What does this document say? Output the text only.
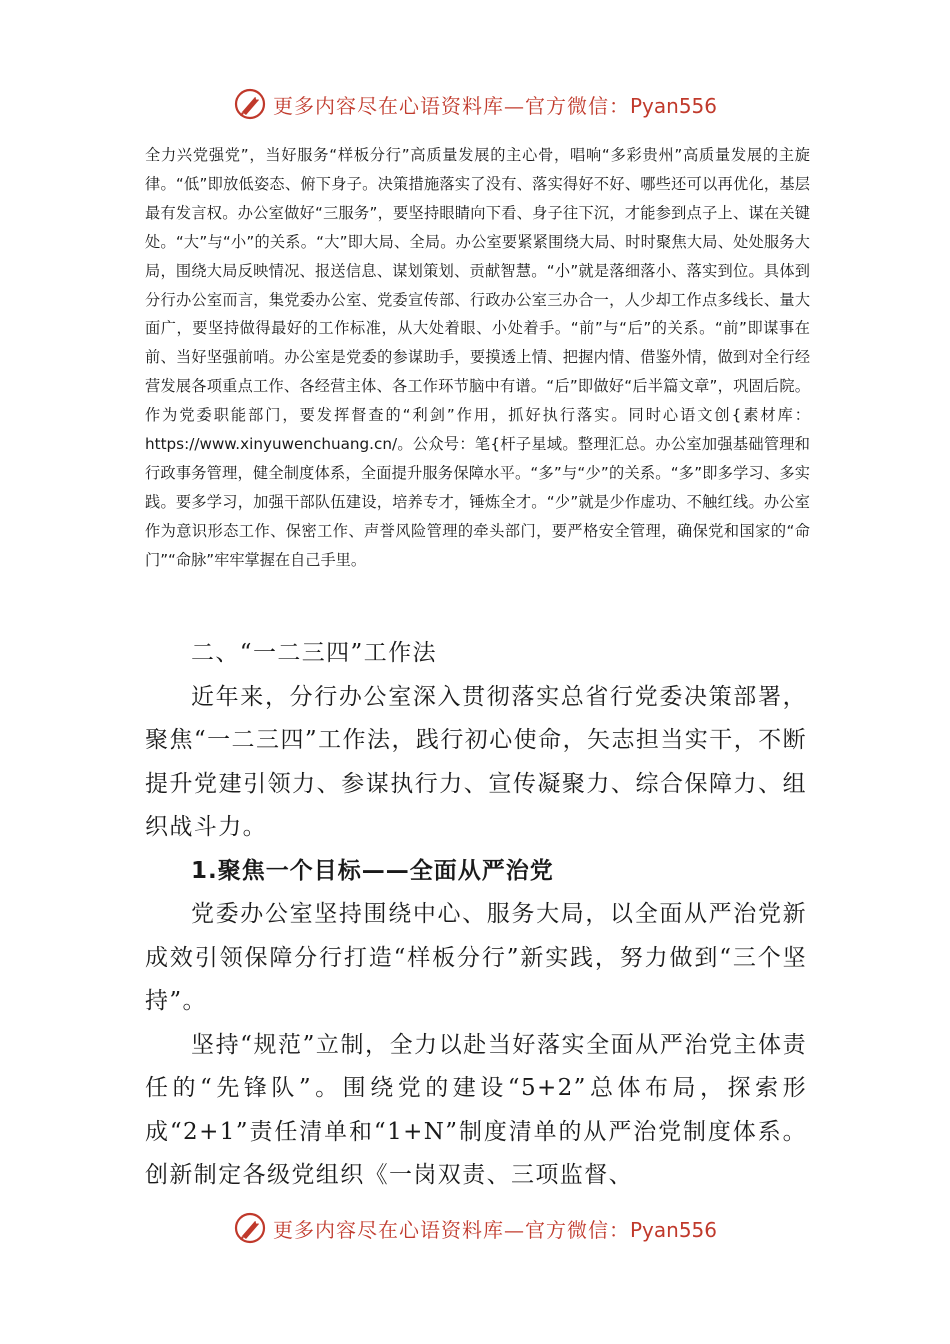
更多内容尽在心语资料库—官方微信：Pyan556
全力兴党强党”，当好服务“样板分行”高质量发展的主心骨，唱响“多彩贵州”高质量发展的主旋律。“低”即放低姿态、俯下身子。决策措施落实了没有、落实得好不好、哪些还可以再优化，基层最有发言权。办公室做好“三服务”，要坚持眼睛向下看、身子往下沉，才能参到点子上、谋在关键处。“大”与“小”的关系。“大”即大局、全局。办公室要紧紧围绕大局、时时聚焦大局、处处服务大局，围绕大局反映情况、报送信息、谋划策划、贡献智慧。“小”就是落细落小、落实到位。具体到分行办公室而言，集党委办公室、党委宣传部、行政办公室三办合一，人少却工作点多线长、量大面广，要坚持做得最好的工作标准，从大处着眼、小处着手。“前”与“后”的关系。“前”即谋事在前、当好坚强前哨。办公室是党委的参谋助手，要摸透上情、把握内情、借鉴外情，做到对全行经营发展各项重点工作、各经营主体、各工作环节脑中有谱。“后”即做好“后半篇文章”，巩固后院。作为党委职能部门，要发挥督查的“利剑”作用，抓好执行落实。同时心语文创{素材库：https://www.xinyuwenchuang.cn/。公众号：笔{杆子星域。整理汇总。办公室加强基础管理和行政事务管理，健全制度体系，全面提升服务保障水平。“多”与“少”的关系。“多”即多学习、多实践。要多学习，加强干部队伍建设，培养专才，锤炼全才。“少”就是少作虚功、不触红线。办公室作为意识形态工作、保密工作、声誉风险管理的牵头部门，要严格安全管理，确保党和国家的“命门”“命脉”牢牢掌握在自己手里。

二、“一二三四”工作法

近年来，分行办公室深入贯彻落实总省行党委决策部署，聚焦“一二三四”工作法，践行初心使命，矢志担当实干，不断提升党建引领力、参谋执行力、宣传凝聚力、综合保障力、组织战斗力。

1.聚焦一个目标——全面从严治党

党委办公室坚持围绕中心、服务大局，以全面从严治党新成效引领保障分行打造“样板分行”新实践，努力做到“三个坚持”。

坚持“规范”立制，全力以赴当好落实全面从严治党主体责任的“先锋队”。围绕党的建设“5+2”总体布局，探索形成“2+1”责任清单和“1+N”制度清单的从严治党制度体系。创新制定各级党组织《一岗双责、三项监督、

更多内容尽在心语资料库—官方微信：Pyan556
